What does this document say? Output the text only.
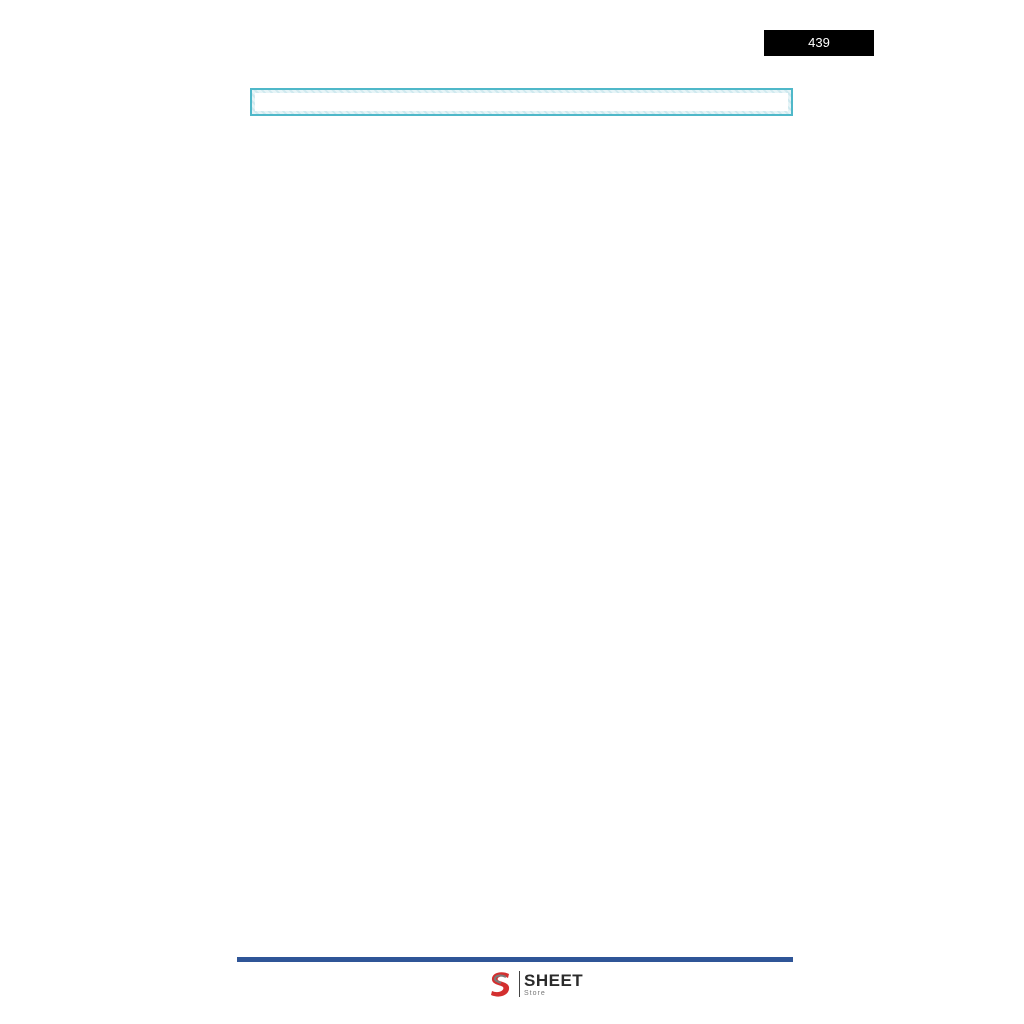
439
SHEET
Store
